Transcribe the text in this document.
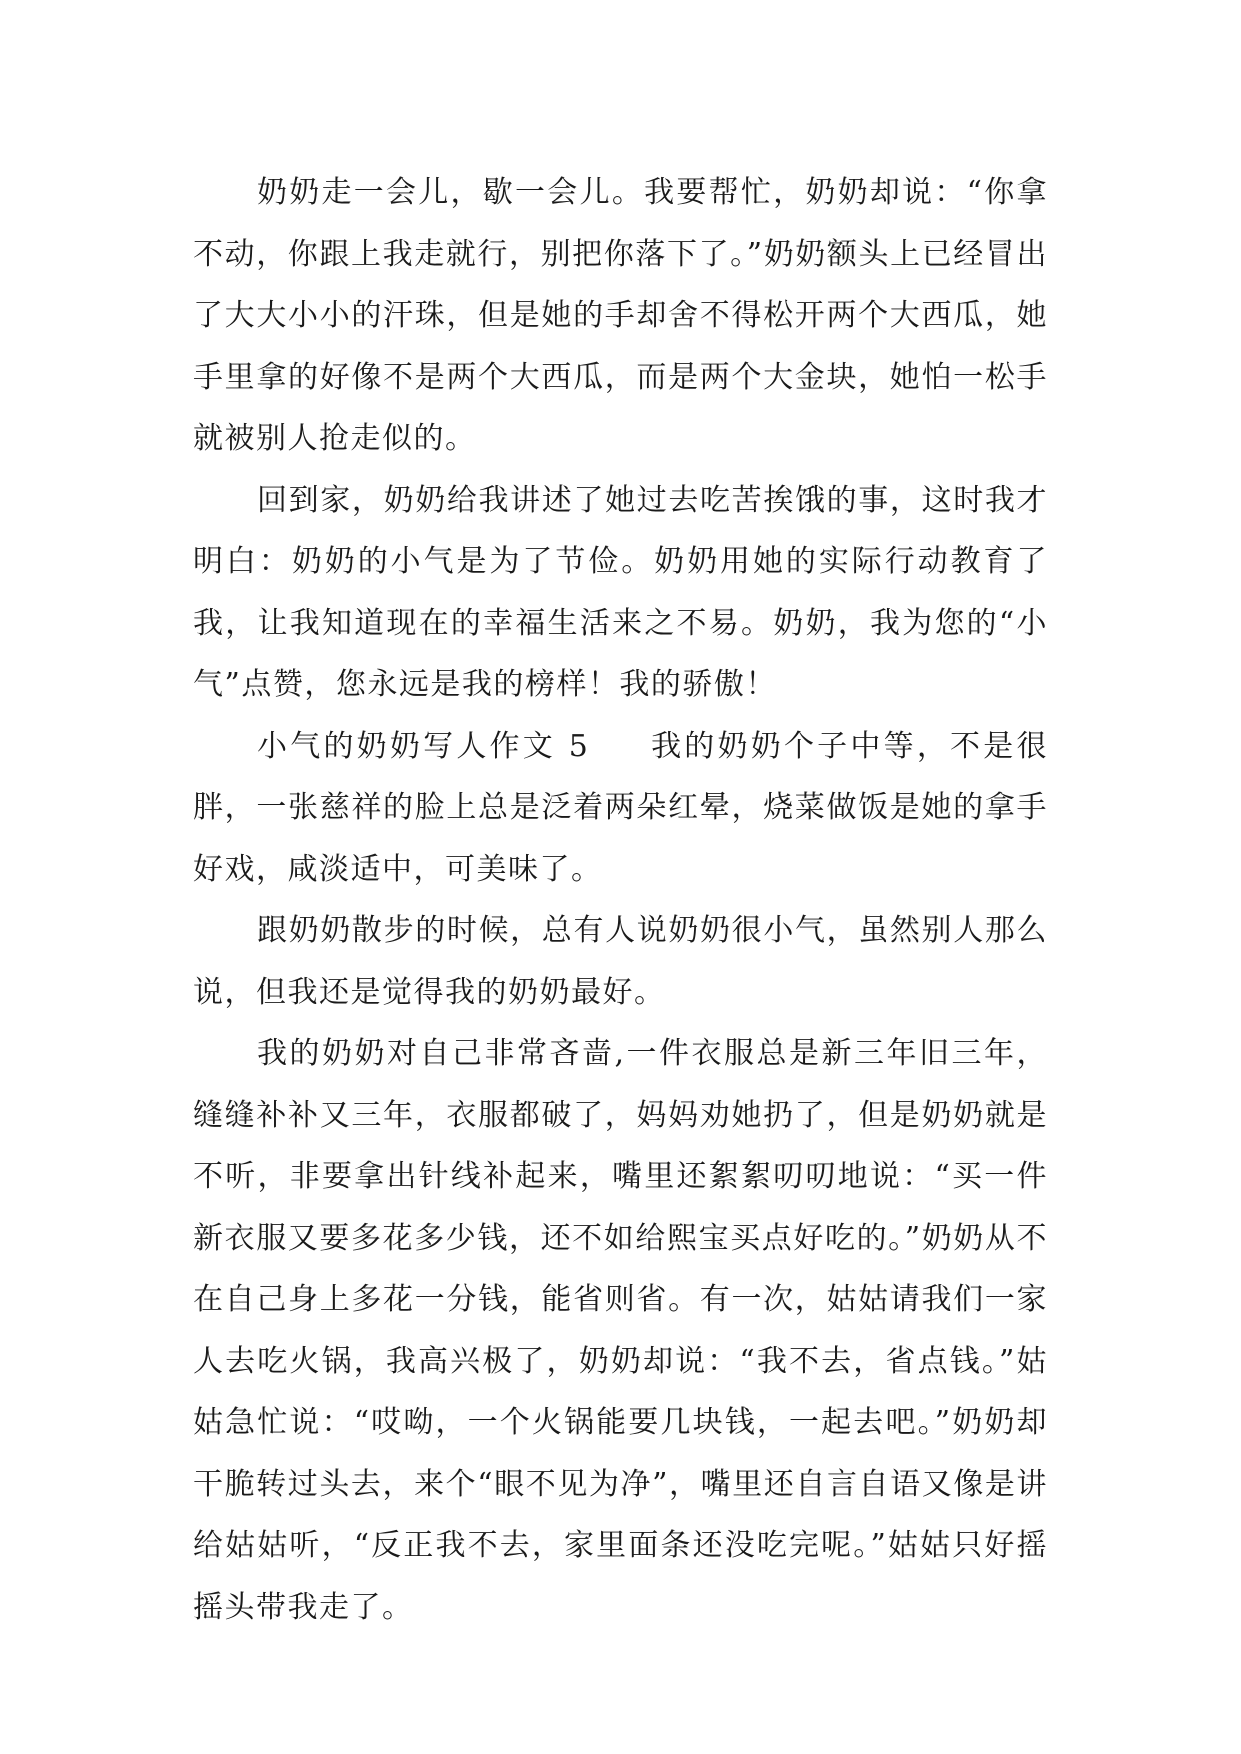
奶奶走一会儿，歇一会儿。我要帮忙，奶奶却说：“你拿不动，你跟上我走就行，别把你落下了。”奶奶额头上已经冒出了大大小小的汗珠，但是她的手却舍不得松开两个大西瓜，她手里拿的好像不是两个大西瓜，而是两个大金块，她怕一松手就被别人抢走似的。

回到家，奶奶给我讲述了她过去吃苦挨饿的事，这时我才明白：奶奶的小气是为了节俭。奶奶用她的实际行动教育了我，让我知道现在的幸福生活来之不易。奶奶，我为您的“小气”点赞，您永远是我的榜样！我的骄傲！

小气的奶奶写人作文 5 我的奶奶个子中等，不是很胖，一张慈祥的脸上总是泛着两朵红晕，烧菜做饭是她的拿手好戏，咸淡适中，可美味了。

跟奶奶散步的时候，总有人说奶奶很小气，虽然别人那么说，但我还是觉得我的奶奶最好。

我的奶奶对自己非常吝啬,一件衣服总是新三年旧三年，缝缝补补又三年，衣服都破了，妈妈劝她扔了，但是奶奶就是不听，非要拿出针线补起来，嘴里还絮絮叨叨地说：“买一件新衣服又要多花多少钱，还不如给熙宝买点好吃的。”奶奶从不在自己身上多花一分钱，能省则省。有一次，姑姑请我们一家人去吃火锅，我高兴极了，奶奶却说：“我不去，省点钱。”姑姑急忙说：“哎呦，一个火锅能要几块钱，一起去吧。”奶奶却干脆转过头去，来个“眼不见为净”，嘴里还自言自语又像是讲给姑姑听，“反正我不去，家里面条还没吃完呢。”姑姑只好摇摇头带我走了。
